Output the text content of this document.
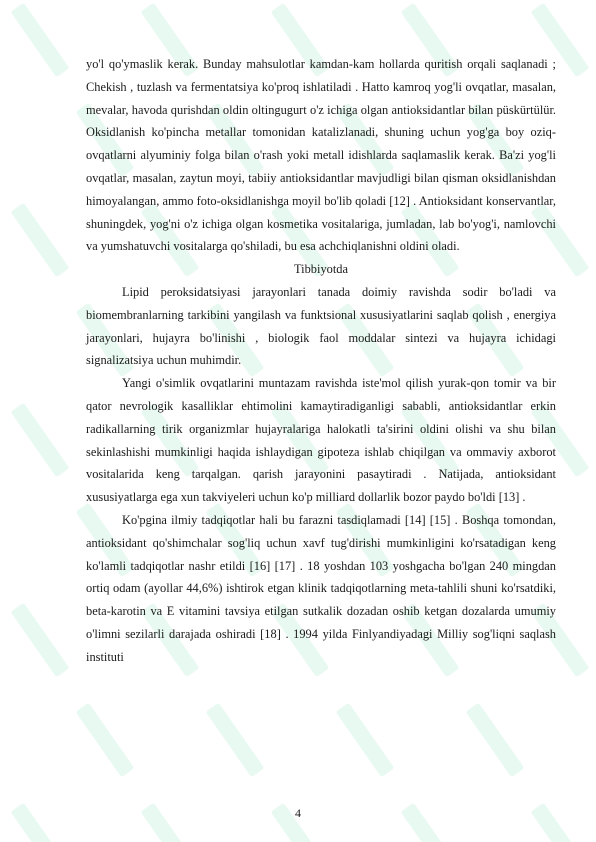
yo'l qo'ymaslik kerak. Bunday mahsulotlar kamdan-kam hollarda quritish orqali saqlanadi ; Chekish , tuzlash va fermentatsiya ko'proq ishlatiladi . Hatto kamroq yog'li ovqatlar, masalan, mevalar, havoda qurishdan oldin oltingugurt o'z ichiga olgan antioksidantlar bilan püskürtülür. Oksidlanish ko'pincha metallar tomonidan katalizlanadi, shuning uchun yog'ga boy oziq-ovqatlarni alyuminiy folga bilan o'rash yoki metall idishlarda saqlamaslik kerak. Ba'zi yog'li ovqatlar, masalan, zaytun moyi, tabiiy antioksidantlar mavjudligi bilan qisman oksidlanishdan himoyalangan, ammo foto-oksidlanishga moyil bo'lib qoladi [12] . Antioksidant konservantlar, shuningdek, yog'ni o'z ichiga olgan kosmetika vositalariga, jumladan, lab bo'yog'i, namlovchi va yumshatuvchi vositalarga qo'shiladi, bu esa achchiqlanishni oldini oladi.

Tibbiyotda

Lipid peroksidatsiyasi jarayonlari tanada doimiy ravishda sodir bo'ladi va biomembranlarning tarkibini yangilash va funktsional xususiyatlarini saqlab qolish , energiya jarayonlari, hujayra bo'linishi , biologik faol moddalar sintezi va hujayra ichidagi signalizatsiya uchun muhimdir.

Yangi o'simlik ovqatlarini muntazam ravishda iste'mol qilish yurak-qon tomir va bir qator nevrologik kasalliklar ehtimolini kamaytiradiganligi sababli, antioksidantlar erkin radikallarning tirik organizmlar hujayralariga halokatli ta'sirini oldini olishi va shu bilan sekinlashishi mumkinligi haqida ishlaydigan gipoteza ishlab chiqilgan va ommaviy axborot vositalarida keng tarqalgan. qarish jarayonini pasaytiradi . Natijada, antioksidant xususiyatlarga ega xun takviyeleri uchun ko'p milliard dollarlik bozor paydo bo'ldi [13] .

Ko'pgina ilmiy tadqiqotlar hali bu farazni tasdiqlamadi [14] [15] . Boshqa tomondan, antioksidant qo'shimchalar sog'liq uchun xavf tug'dirishi mumkinligini ko'rsatadigan keng ko'lamli tadqiqotlar nashr etildi [16] [17] . 18 yoshdan 103 yoshgacha bo'lgan 240 mingdan ortiq odam (ayollar 44,6%) ishtirok etgan klinik tadqiqotlarning meta-tahlili shuni ko'rsatdiki, beta-karotin va E vitamini tavsiya etilgan sutkalik dozadan oshib ketgan dozalarda umumiy o'limni sezilarli darajada oshiradi [18] . 1994 yilda Finlyandiyadagi Milliy sog'liqni saqlash instituti

4
